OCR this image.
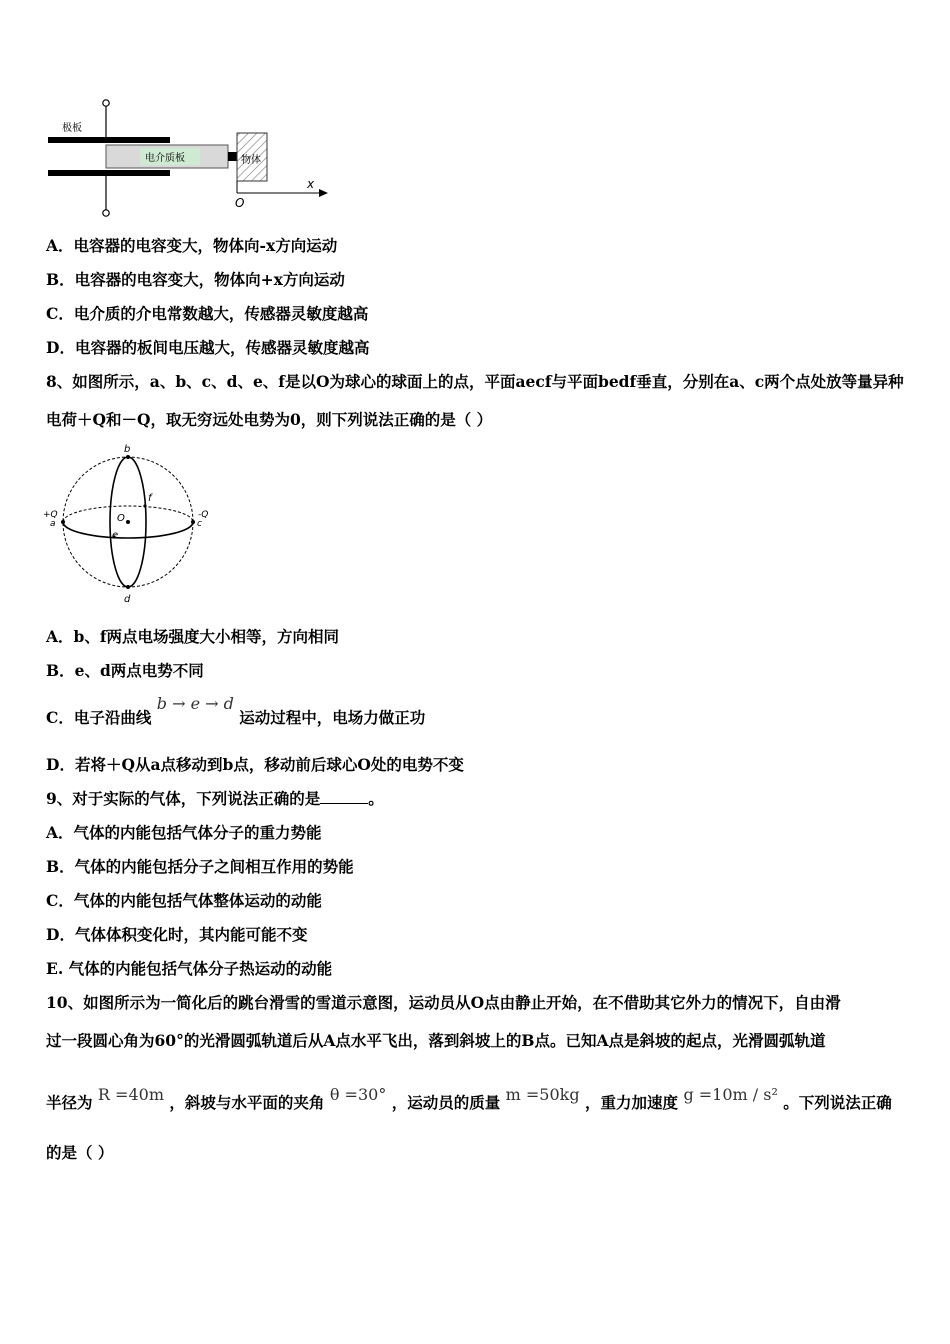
极板
电介质板	物体
x
O
A．电容器的电容变大，物体向-x方向运动
B．电容器的电容变大，物体向+x方向运动
C．电介质的介电常数越大，传感器灵敏度越高
D．电容器的板间电压越大，传感器灵敏度越高
8、如图所示，a、b、c、d、e、f是以O为球心的球面上的点，平面aecf与平面bedf垂直，分别在a、c两个点处放等量异种
电荷＋Q和－Q，取无穷远处电势为0，则下列说法正确的是（ ）
b
d
f
e
O
+Q
a
-Q
c
A．b、f两点电场强度大小相等，方向相同
B．e、d两点电势不同
C．电子沿曲线 b → e → d 运动过程中，电场力做正功
D．若将＋Q从a点移动到b点，移动前后球心O处的电势不变
9、对于实际的气体，下列说法正确的是	。
A．气体的内能包括气体分子的重力势能
B．气体的内能包括分子之间相互作用的势能
C．气体的内能包括气体整体运动的动能
D．气体体积变化时，其内能可能不变
E. 气体的内能包括气体分子热运动的动能
10、如图所示为一简化后的跳台滑雪的雪道示意图，运动员从O点由静止开始，在不借助其它外力的情况下，自由滑
过一段圆心角为60°的光滑圆弧轨道后从A点水平飞出，落到斜坡上的B点。已知A点是斜坡的起点，光滑圆弧轨道
半径为 R =40m ，斜坡与水平面的夹角 θ =30° ，运动员的质量 m =50kg ，重力加速度 g =10m / s² 。下列说法正确
的是（ ）
